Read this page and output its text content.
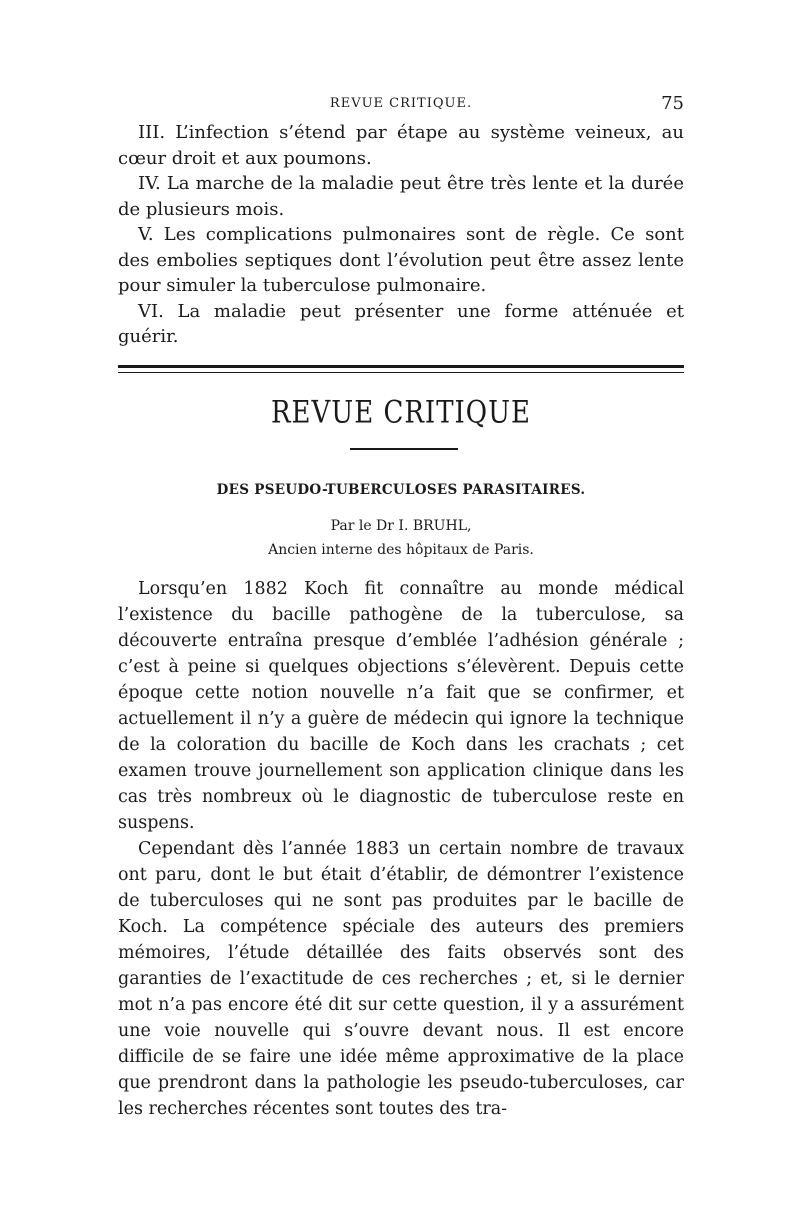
REVUE CRITIQUE.	75
III. L’infection s’étend par étape au système veineux, au cœur droit et aux poumons.
IV. La marche de la maladie peut être très lente et la durée de plusieurs mois.
V. Les complications pulmonaires sont de règle. Ce sont des embolies septiques dont l’évolution peut être assez lente pour simuler la tuberculose pulmonaire.
VI. La maladie peut présenter une forme atténuée et guérir.
REVUE CRITIQUE
DES PSEUDO-TUBERCULOSES PARASITAIRES.
Par le Dr I. BRUHL,
Ancien interne des hôpitaux de Paris.

Lorsqu’en 1882 Koch fit connaître au monde médical l’existence du bacille pathogène de la tuberculose, sa découverte entraîna presque d’emblée l’adhésion générale ; c’est à peine si quelques objections s’élevèrent. Depuis cette époque cette notion nouvelle n’a fait que se confirmer, et actuellement il n’y a guère de médecin qui ignore la technique de la coloration du bacille de Koch dans les crachats ; cet examen trouve journellement son application clinique dans les cas très nombreux où le diagnostic de tuberculose reste en suspens.

Cependant dès l’année 1883 un certain nombre de travaux ont paru, dont le but était d’établir, de démontrer l’existence de tuberculoses qui ne sont pas produites par le bacille de Koch. La compétence spéciale des auteurs des premiers mémoires, l’étude détaillée des faits observés sont des garanties de l’exactitude de ces recherches ; et, si le dernier mot n’a pas encore été dit sur cette question, il y a assurément une voie nouvelle qui s’ouvre devant nous. Il est encore difficile de se faire une idée même approximative de la place que prendront dans la pathologie les pseudo-tuberculoses, car les recherches récentes sont toutes des tra-
